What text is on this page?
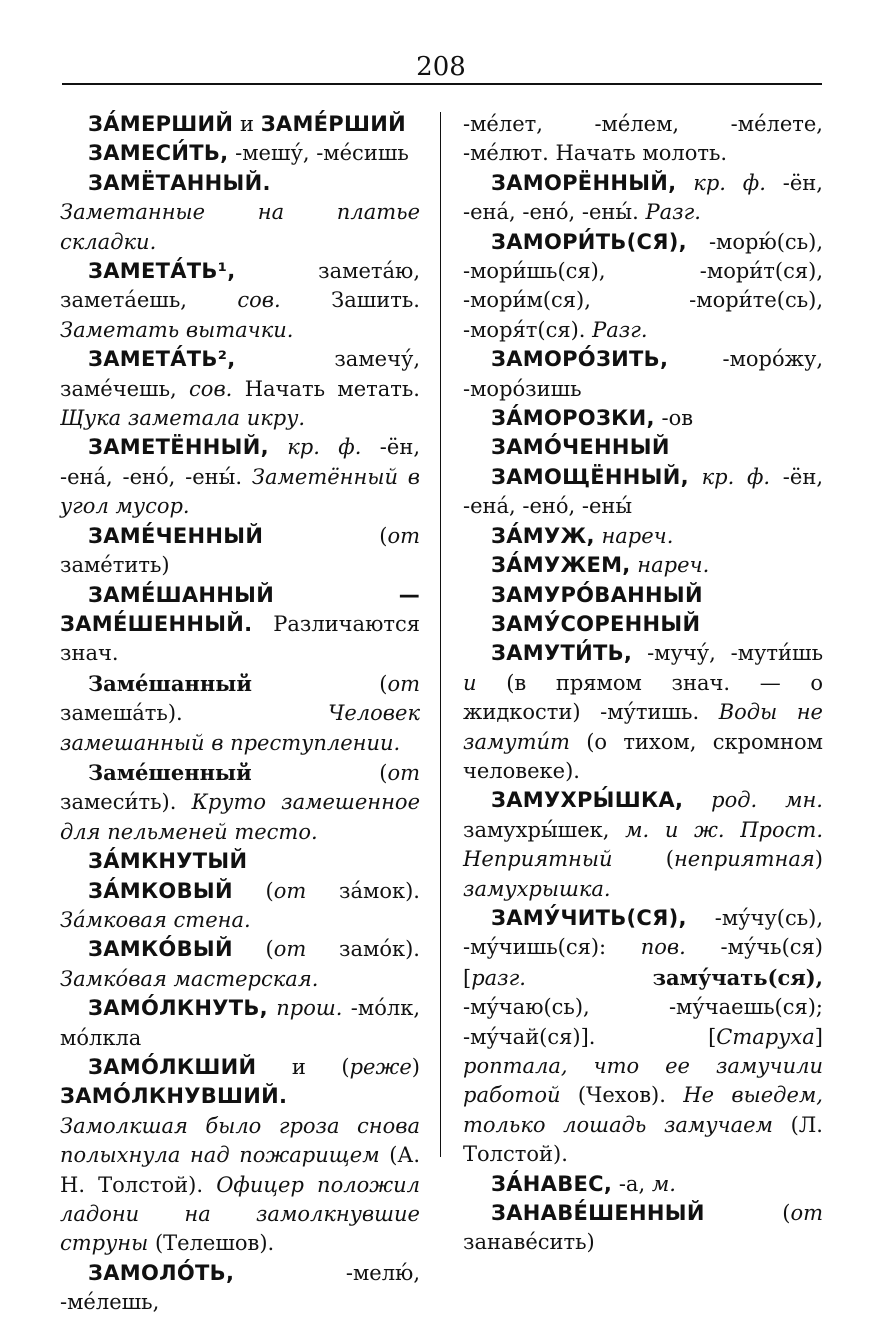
208

ЗА́МЕРШИЙ и ЗАМЕ́РШИЙ

ЗАМЕСИ́ТЬ, -мешу́, -ме́сишь

ЗАМЁТАННЫЙ. Заметанные на платье складки.

ЗАМЕТА́ТЬ¹,	замета́ю, замета́ешь, сов. Зашить. Заметать вытачки.

ЗАМЕТА́ТЬ²,	замечу́, заме́чешь, сов. Начать метать. Щука заметала икру.

ЗАМЕТЁННЫЙ, кр. ф. -ён, -ена́, -ено́, -ены́. Заметённый в угол мусор.

ЗАМЕ́ЧЕННЫЙ	(от заме́тить)

ЗАМЕ́ШАННЫЙ — ЗАМЕ́ШЕННЫЙ. Различаются знач.

Заме́шанный	(от замеша́ть).	Человек замешанный в преступлении.

Заме́шенный	(от замеси́ть). Круто замешенное для пельменей тесто.

ЗА́МКНУТЫЙ

ЗА́МКОВЫЙ (от за́мок). За́мковая стена.

ЗАМКО́ВЫЙ (от замо́к). Замко́вая мастерская.

ЗАМО́ЛКНУТЬ, прош. -мо́лк, мо́лкла

ЗАМО́ЛКШИЙ и (реже) ЗАМО́ЛКНУВШИЙ. Замолкшая было гроза снова полыхнула над пожарищем (А. Н. Толстой). Офицер положил ладони на замолкнувшие струны (Телешов).

ЗАМОЛО́ТЬ,	-мелю́, -ме́лешь,

-ме́лет, -ме́лем, -ме́лете, -ме́лют. Начать молоть.

ЗАМОРЁННЫЙ, кр. ф. -ён, -ена́, -ено́, -ены́. Разг.

ЗАМОРИ́ТЬ(СЯ), -морю́(сь), -мори́шь(ся), -мори́т(ся), -мори́м(ся), -мори́те(сь), -моря́т(ся). Разг.

ЗАМОРО́ЗИТЬ,	-моро́жу, -моро́зишь

ЗА́МОРОЗКИ, -ов

ЗАМО́ЧЕННЫЙ

ЗАМОЩЁННЫЙ, кр. ф. -ён, -ена́, -ено́, -ены́

ЗА́МУЖ, нареч.

ЗА́МУЖЕМ, нареч.

ЗАМУРО́ВАННЫЙ

ЗАМУ́СОРЕННЫЙ

ЗАМУТИ́ТЬ, -мучу́, -мути́шь и (в прямом знач. — о жидкости) -му́тишь. Воды не замути́т (о тихом, скромном человеке).

ЗАМУХРЫ́ШКА, род. мн. замухры́шек, м. и ж. Прост. Неприятный	(неприятная) замухрышка.

ЗАМУ́ЧИТЬ(СЯ), -му́чу(сь), -му́чишь(ся): пов. -му́чь(ся) [разг.	заму́чать(ся), -му́чаю(сь), -му́чаешь(ся); -му́чай(ся)]. [Старуха] роптала, что ее замучили работой (Чехов). Не выедем, только лошадь замучаем (Л. Толстой).

ЗА́НАВЕС, -а, м.

ЗАНАВЕ́ШЕННЫЙ	(от занаве́сить)
